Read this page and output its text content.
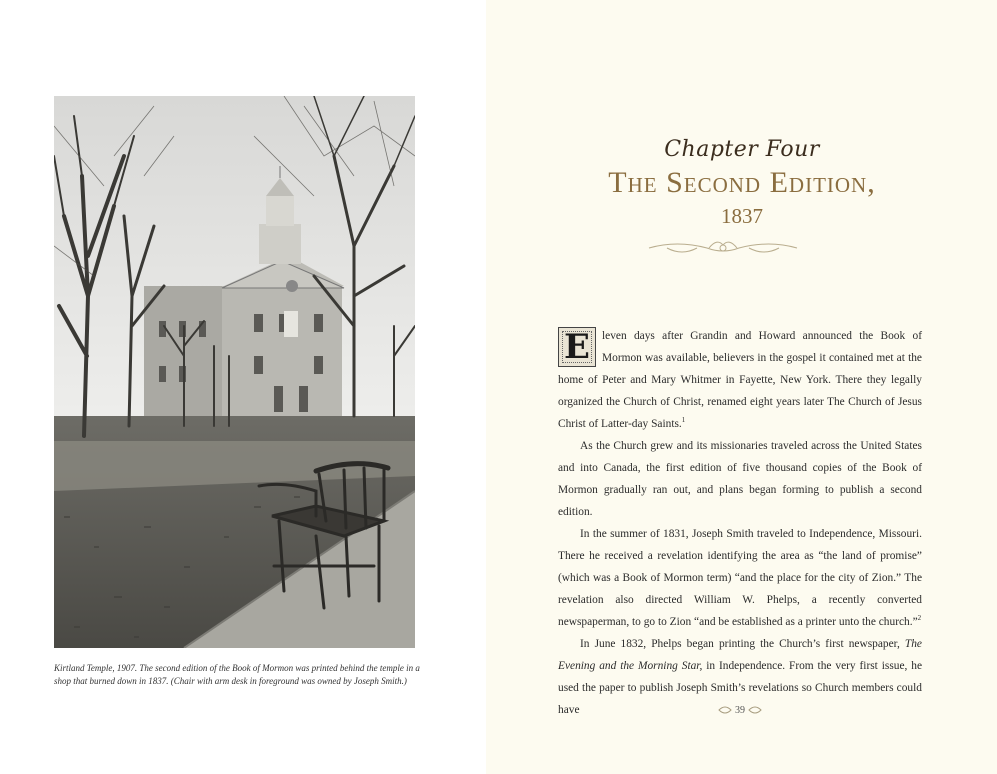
Kirtland Temple, 1907. The second edition of the Book of Mormon was printed behind the temple in a shop that burned down in 1837. (Chair with arm desk in foreground was owned by Joseph Smith.)
Chapter Four
The Second Edition,
1837

E	leven days after Grandin and Howard announced the Book of Mormon was available, believers in the gospel it contained met at the home of Peter and Mary Whitmer in Fayette, New York. There they legally organized the Church of Christ, renamed eight years later The Church of Jesus Christ of Latter-day Saints.$^1$

As the Church grew and its missionaries traveled across the United States and into Canada, the first edition of five thousand copies of the Book of Mormon gradually ran out, and plans began forming to publish a second edition.

In the summer of 1831, Joseph Smith traveled to Independence, Missouri. There he received a revelation identifying the area as “the land of promise” (which was a Book of Mormon term) “and the place for the city of Zion.” The revelation also directed William W. Phelps, a recently converted newspaperman, to go to Zion “and be established as a printer unto the church.”$^2$

In June 1832, Phelps began printing the Church’s first newspaper, The Evening and the Morning Star, in Independence. From the very first issue, he used the paper to publish Joseph Smith’s revelations so Church members could have	39
